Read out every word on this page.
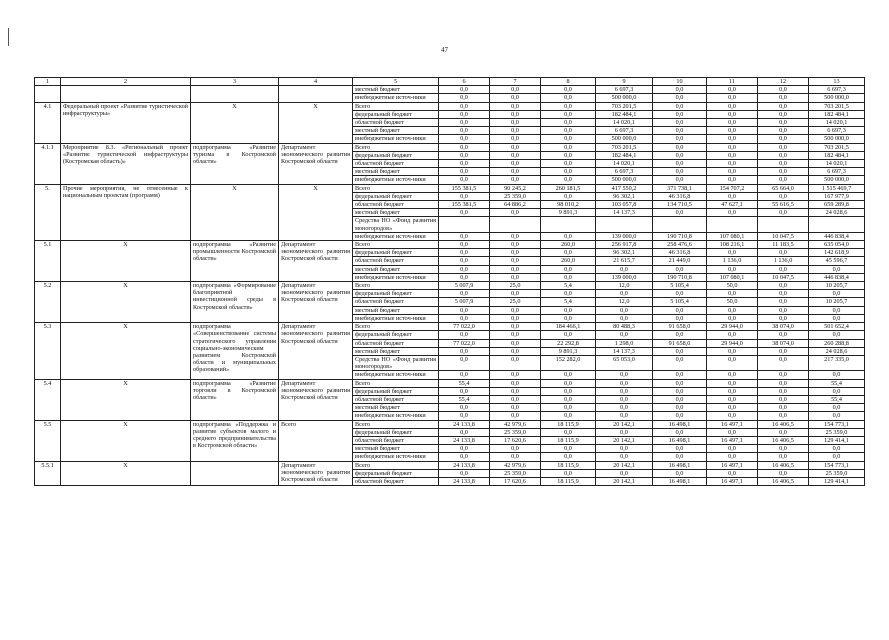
47
1	2	3	4	5	6	7	8	9	10	11	12	13
				местный бюджет	0,0	0,0	0,0	6 697,3	0,0	0,0	0,0	6 697,3
				внебюджетные источ-ники	0,0	0,0	0,0	500 000,0	0,0	0,0	0,0	500 000,0
4.1	Федеральный проект «Развитие туристической инфраструктуры»	X	X	Всего	0,0	0,0	0,0	703 201,5	0,0	0,0	0,0	703 201,5
				федеральный бюджет	0,0	0,0	0,0	182 484,1	0,0	0,0	0,0	182 484,1
				областной бюджет	0,0	0,0	0,0	14 020,1	0,0	0,0	0,0	14 020,1
				местный бюджет	0,0	0,0	0,0	6 697,3	0,0	0,0	0,0	6 697,3
				внебюджетные источ-ники	0,0	0,0	0,0	500 000,0	0,0	0,0	0,0	500 000,0
4.1.1	Мероприятие 8.3. «Региональный проект «Развитие туристической инфраструктуры (Костромская область)»	подпрограмма «Развитие туризма в Костромской области»	Департамент экономического развития Костромской области	Всего	0,0	0,0	0,0	703 201,5	0,0	0,0	0,0	703 201,5
				федеральный бюджет	0,0	0,0	0,0	182 484,1	0,0	0,0	0,0	182 484,1
				областной бюджет	0,0	0,0	0,0	14 020,1	0,0	0,0	0,0	14 020,1
				местный бюджет	0,0	0,0	0,0	6 697,3	0,0	0,0	0,0	6 697,3
				внебюджетные источ-ники	0,0	0,0	0,0	500 000,0	0,0	0,0	0,0	500 000,0
5.	Прочие мероприятия, не отнесенные к национальным проектам (программ)	X	X	Всего	155 381,5	90 245,2	260 181,5	417 550,2	371 738,1	154 707,2	65 664,0	1 515 469,7
				федеральный бюджет	0,0	25 359,0	0,0	96 302,1	46 316,8	0,0	0,0	167 977,9
				областной бюджет	155 381,5	64 886,2	98 010,2	103 057,8	134 710,5	47 627,1	55 616,5	659 289,8
				местный бюджет	0,0	0,0	9 891,3	14 137,3	0,0	0,0	0,0	24 028,6
				Средства НО «Фонд развития моногородов»								
				внебюджетные источ-ники	0,0	0,0	0,0	139 000,0	190 710,8	107 080,1	10 047,5	446 838,4
5.1	X	подпрограмма «Развитие промышленности Костромской области»	Департамент экономического развития Костромской области	Всего	0,0	0,0	260,0	256 917,8	258 476,6	108 216,1	11 183,5	635 054,0
				федеральный бюджет	0,0	0,0	0,0	96 302,1	46 316,8	0,0	0,0	142 618,9
				областной бюджет	0,0	0,0	260,0	21 615,7	21 449,0	1 136,0	1 136,0	45 596,7
				местный бюджет	0,0	0,0	0,0	0,0	0,0	0,0	0,0	0,0
				внебюджетные источ-ники	0,0	0,0	0,0	139 000,0	190 710,8	107 080,1	10 047,5	446 838,4
5.2	X	подпрограмма «Формирование благоприятной инвестиционной среды в Костромской области»	Департамент экономического развития Костромской области	Всего	5 007,9	25,0	5,4	12,0	5 105,4	50,0	0,0	10 205,7
				федеральный бюджет	0,0	0,0	0,0	0,0	0,0	0,0	0,0	0,0
				областной бюджет	5 007,9	25,0	5,4	12,0	5 105,4	50,0	0,0	10 205,7
				местный бюджет	0,0	0,0	0,0	0,0	0,0	0,0	0,0	0,0
				внебюджетные источ-ники	0,0	0,0	0,0	0,0	0,0	0,0	0,0	0,0
5.3	X	подпрограмма «Совершенствование системы стратегического управления социально-экономическим развитием Костромской области и муниципальных образований»	Департамент экономического развития Костромской области	Всего	77 022,0	0,0	184 466,1	80 488,3	91 658,0	29 944,0	38 074,0	501 652,4
				федеральный бюджет	0,0	0,0	0,0	0,0	0,0	0,0	0,0	0,0
				областной бюджет	77 022,0	0,0	22 292,8	1 298,0	91 658,0	29 944,0	38 074,0	260 288,8
				местный бюджет	0,0	0,0	9 891,3	14 137,3	0,0	0,0	0,0	24 028,6
				Средства НО «Фонд развития моногородов»	0,0	0,0	152 282,0	65 053,0	0,0	0,0	0,0	217 335,0
				внебюджетные источ-ники	0,0	0,0	0,0	0,0	0,0	0,0	0,0	0,0
5.4	X	подпрограмма «Развитие торговли в Костромской области»	Департамент экономического развития Костромской области	Всего	55,4	0,0	0,0	0,0	0,0	0,0	0,0	55,4
				федеральный бюджет	0,0	0,0	0,0	0,0	0,0	0,0	0,0	0,0
				областной бюджет	55,4	0,0	0,0	0,0	0,0	0,0	0,0	55,4
				местный бюджет	0,0	0,0	0,0	0,0	0,0	0,0	0,0	0,0
				внебюджетные источ-ники	0,0	0,0	0,0	0,0	0,0	0,0	0,0	0,0
5.5	X	подпрограмма «Поддержка и развитие субъектов малого и среднего предпринимательства в Костромской области»	Всего	Всего	24 133,8	42 979,6	18 115,9	20 142,1	16 498,1	16 497,1	16 406,5	154 773,1
				федеральный бюджет	0,0	25 359,0	0,0	0,0	0,0	0,0	0,0	25 359,0
				областной бюджет	24 133,8	17 620,6	18 115,9	20 142,1	16 498,1	16 497,1	16 406,5	129 414,1
				местный бюджет	0,0	0,0	0,0	0,0	0,0	0,0	0,0	0,0
				внебюджетные источ-ники	0,0	0,0	0,0	0,0	0,0	0,0	0,0	0,0
5.5.1	X		Департамент экономического развития Костромской области	Всего	24 133,8	42 979,6	18 115,9	20 142,1	16 498,1	16 497,1	16 406,5	154 773,1
				федеральный бюджет	0,0	25 359,0	0,0	0,0	0,0	0,0	0,0	25 359,0
				областной бюджет	24 133,8	17 620,6	18 115,9	20 142,1	16 498,1	16 497,1	16 406,5	129 414,1
